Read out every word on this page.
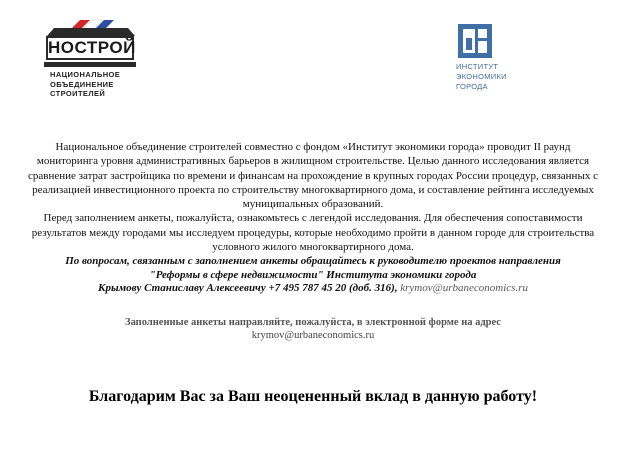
НОСТРОЙ
НАЦИОНАЛЬНОЕ
ОБЪЕДИНЕНИЕ
СТРОИТЕЛЕЙ
ИНСТИТУТ
ЭКОНОМИКИ
ГОРОДА

Национальное объединение строителей совместно с фондом «Институт экономики города» проводит II раунд мониторинга уровня административных барьеров в жилищном строительстве. Целью данного исследования является сравнение затрат застройщика по времени и финансам на прохождение в крупных городах России процедур, связанных с реализацией инвестиционного проекта по строительству многоквартирного дома, и составление рейтинга исследуемых муниципальных образований.

Перед заполнением анкеты, пожалуйста, ознакомьтесь с легендой исследования. Для обеспечения сопоставимости результатов между городами мы исследуем процедуры, которые необходимо пройти в данном городе для строительства условного жилого многоквартирного дома.

По вопросам, связанным с заполнением анкеты обращайтесь к руководителю проектов направления
"Реформы в сфере недвижимости" Института экономики города
Крымову Станиславу Алексеевичу +7 495 787 45 20 (доб. 316), krymov@urbaneconomics.ru
Заполненные анкеты направляйте, пожалуйста, в электронной форме на адрес
krymov@urbaneconomics.ru
Благодарим Вас за Ваш неоцененный вклад в данную работу!
